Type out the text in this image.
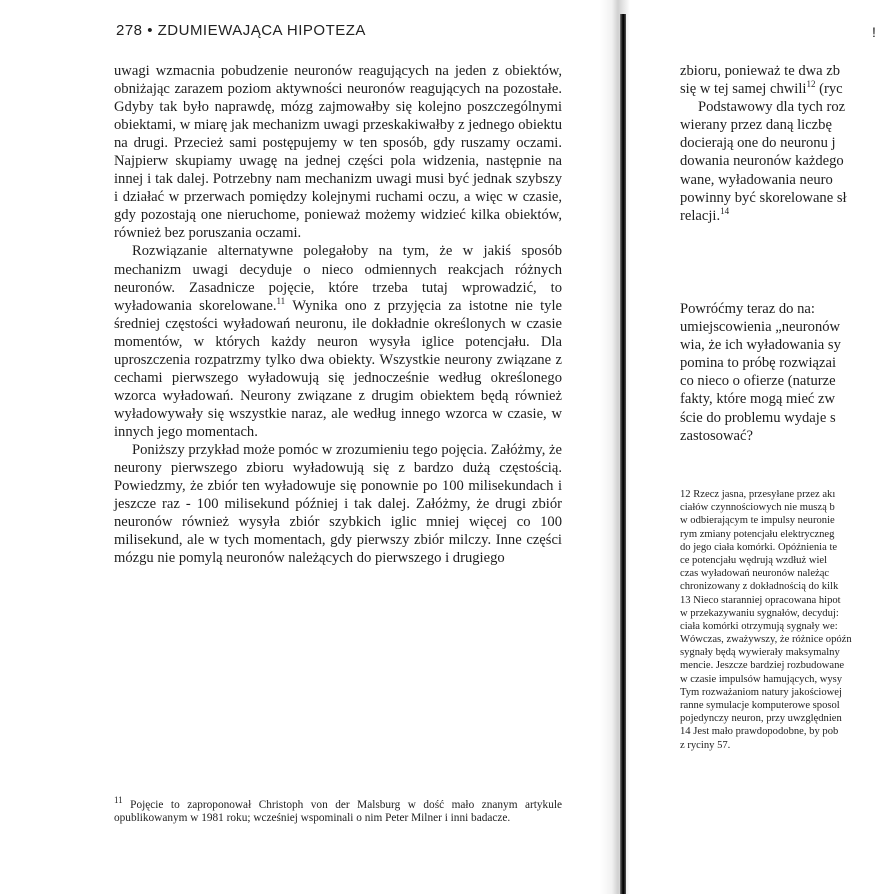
278 • ZDUMIEWAJĄCA HIPOTEZA

uwagi wzmacnia pobudzenie neuronów reagujących na jeden z obiektów, obniżając zarazem poziom aktywności neuronów reagujących na pozostałe. Gdyby tak było naprawdę, mózg zajmowałby się kolejno poszczególnymi obiektami, w miarę jak mechanizm uwagi przeskakiwałby z jednego obiektu na drugi. Przecież sami postępujemy w ten sposób, gdy ruszamy oczami. Najpierw skupiamy uwagę na jednej części pola widzenia, następnie na innej i tak dalej. Potrzebny nam mechanizm uwagi musi być jednak szybszy i działać w przerwach pomiędzy kolejnymi ruchami oczu, a więc w czasie, gdy pozostają one nieruchome, ponieważ możemy widzieć kilka obiektów, również bez poruszania oczami.

Rozwiązanie alternatywne polegałoby na tym, że w jakiś sposób mechanizm uwagi decyduje o nieco odmiennych reakcjach różnych neuronów. Zasadnicze pojęcie, które trzeba tutaj wprowadzić, to wyładowania skorelowane.$^{11}$ Wynika ono z przyjęcia za istotne nie tyle średniej częstości wyładowań neuronu, ile dokładnie określonych w czasie momentów, w których każdy neuron wysyła iglice potencjału. Dla uproszczenia rozpatrzmy tylko dwa obiekty. Wszystkie neurony związane z cechami pierwszego wyładowują się jednocześnie według określonego wzorca wyładowań. Neurony związane z drugim obiektem będą również wyładowywały się wszystkie naraz, ale według innego wzorca w czasie, w innych jego momentach.

Poniższy przykład może pomóc w zrozumieniu tego pojęcia. Załóżmy, że neurony pierwszego zbioru wyładowują się z bardzo dużą częstością. Powiedzmy, że zbiór ten wyładowuje się ponownie po 100 milisekundach i jeszcze raz - 100 milisekund później i tak dalej. Załóżmy, że drugi zbiór neuronów również wysyła zbiór szybkich iglic mniej więcej co 100 milisekund, ale w tych momentach, gdy pierwszy zbiór milczy. Inne części mózgu nie pomylą neuronów należących do pierwszego i drugiego

$^{11}$ Pojęcie to zaproponował Christoph von der Malsburg w dość mało znanym artykule opublikowanym w 1981 roku; wcześniej wspominali o nim Peter Milner i inni badacze.

!
zbioru, ponieważ te dwa zb
się w tej samej chwili$^{12}$ (ryc
Podstawowy dla tych roz
wierany przez daną liczbę
docierają one do neuronu j
dowania neuronów każdego
wane, wyładowania neuro
powinny być skorelowane sł
relacji.$^{14}$
Powróćmy teraz do na:
umiejscowienia „neuronów
wia, że ich wyładowania sy
pomina to próbę rozwiązai
co nieco o ofierze (naturze
fakty, które mogą mieć zw
ście do problemu wydaje s
zastosować?
12 Rzecz jasna, przesyłane przez akı
ciałów czynnościowych nie muszą b
w odbierającym te impulsy neuronie
rym zmiany potencjału elektryczneg
do jego ciała komórki. Opóźnienia te
ce potencjału wędrują wzdłuż wiel
czas wyładowań neuronów należąc
chronizowany z dokładnością do kilk
13 Nieco staranniej opracowana hipot
w przekazywaniu sygnałów, decyduj:
ciała komórki otrzymują sygnały we:
Wówczas, zważywszy, że różnice opóźn
sygnały będą wywierały maksymalny
mencie. Jeszcze bardziej rozbudowane
w czasie impulsów hamujących, wysy
Tym rozważaniom natury jakościowej
ranne symulacje komputerowe sposol
pojedynczy neuron, przy uwzględnien
14 Jest mało prawdopodobne, by pob
z ryciny 57.
